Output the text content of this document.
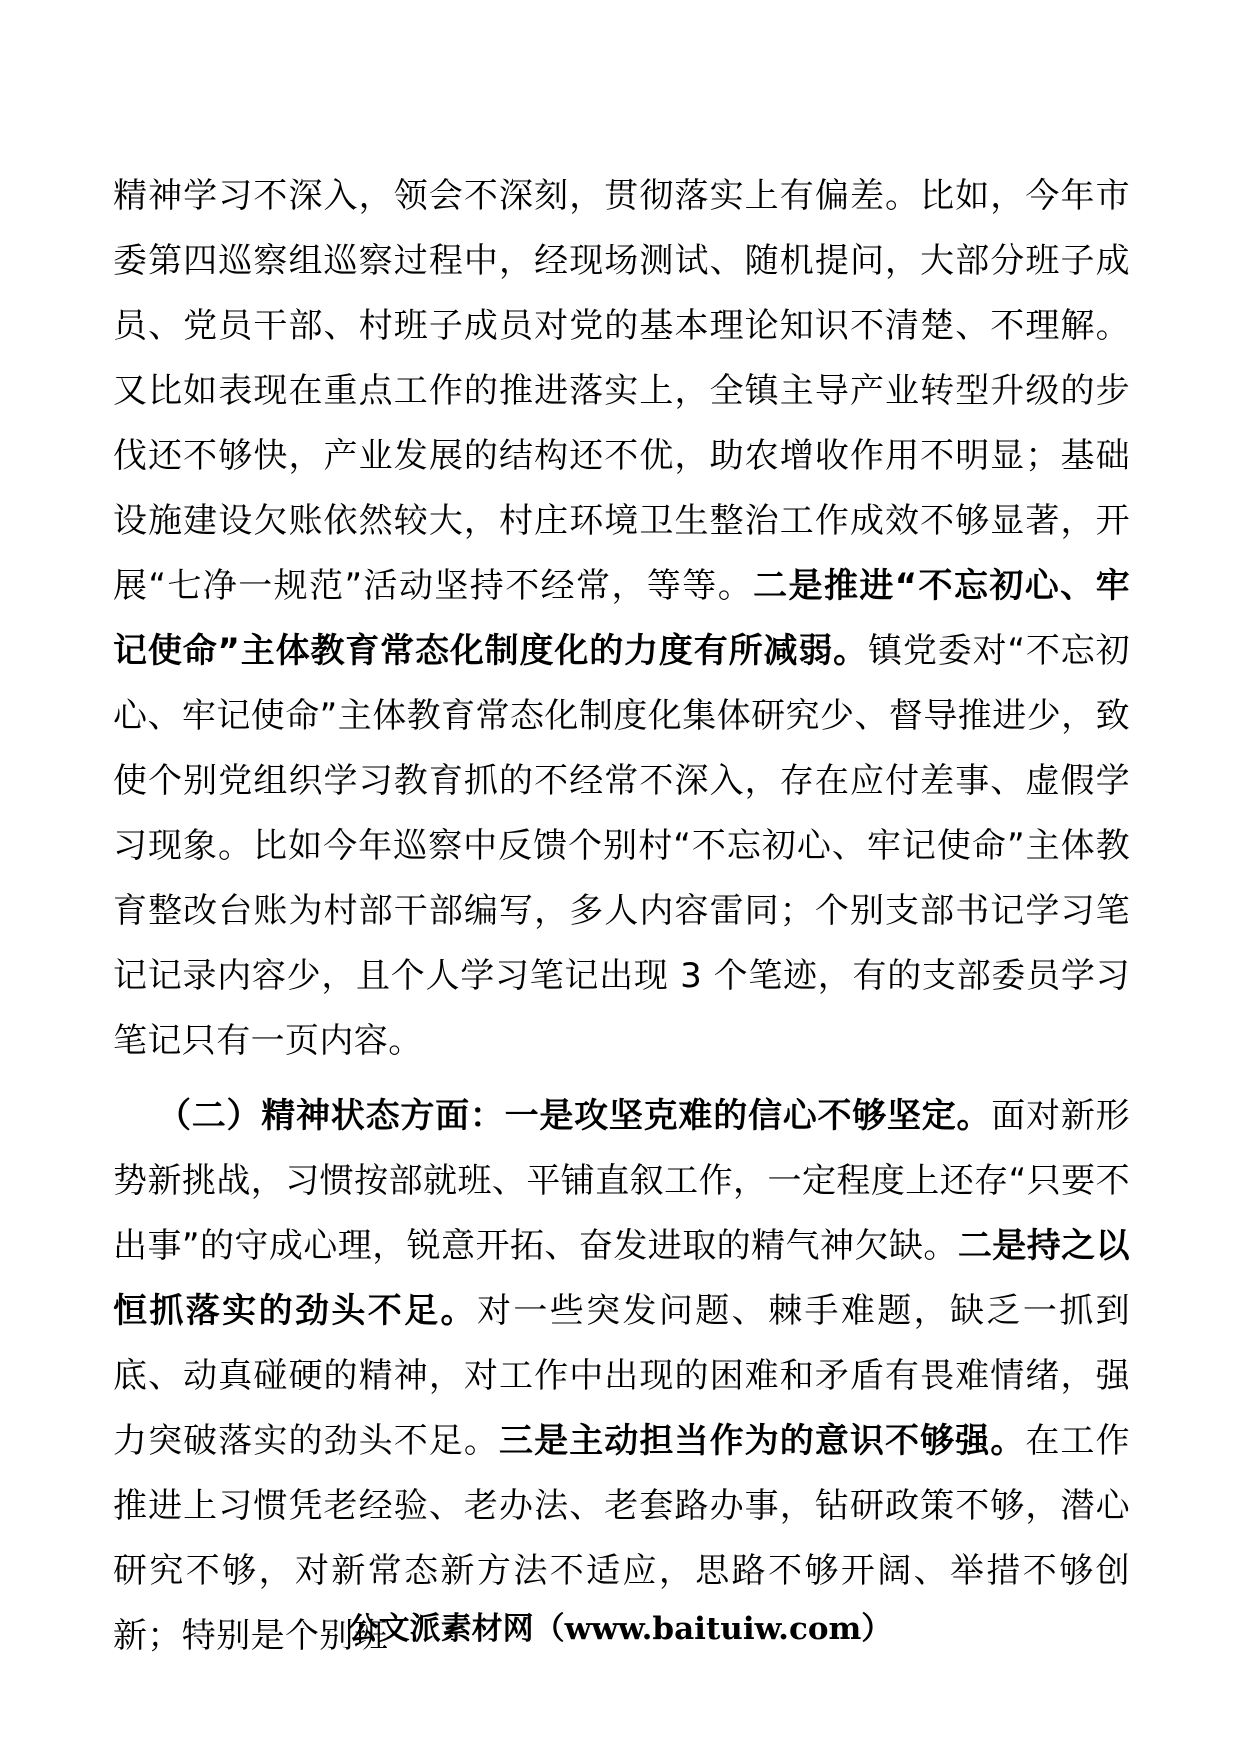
精神学习不深入，领会不深刻，贯彻落实上有偏差。比如，今年市委第四巡察组巡察过程中，经现场测试、随机提问，大部分班子成员、党员干部、村班子成员对党的基本理论知识不清楚、不理解。又比如表现在重点工作的推进落实上，全镇主导产业转型升级的步伐还不够快，产业发展的结构还不优，助农增收作用不明显；基础设施建设欠账依然较大，村庄环境卫生整治工作成效不够显著，开展“七净一规范”活动坚持不经常，等等。二是推进“不忘初心、牢记使命”主体教育常态化制度化的力度有所减弱。镇党委对“不忘初心、牢记使命”主体教育常态化制度化集体研究少、督导推进少，致使个别党组织学习教育抓的不经常不深入，存在应付差事、虚假学习现象。比如今年巡察中反馈个别村“不忘初心、牢记使命”主体教育整改台账为村部干部编写，多人内容雷同；个别支部书记学习笔记记录内容少，且个人学习笔记出现 3 个笔迹，有的支部委员学习笔记只有一页内容。

（二）精神状态方面：一是攻坚克难的信心不够坚定。面对新形势新挑战，习惯按部就班、平铺直叙工作，一定程度上还存“只要不出事”的守成心理，锐意开拓、奋发进取的精气神欠缺。二是持之以恒抓落实的劲头不足。对一些突发问题、棘手难题，缺乏一抓到底、动真碰硬的精神，对工作中出现的困难和矛盾有畏难情绪，强力突破落实的劲头不足。三是主动担当作为的意识不够强。在工作推进上习惯凭老经验、老办法、老套路办事，钻研政策不够，潜心研究不够，对新常态新方法不适应，思路不够开阔、举措不够创新；特别是个别班

公文派素材网（www.baituiw.com）
